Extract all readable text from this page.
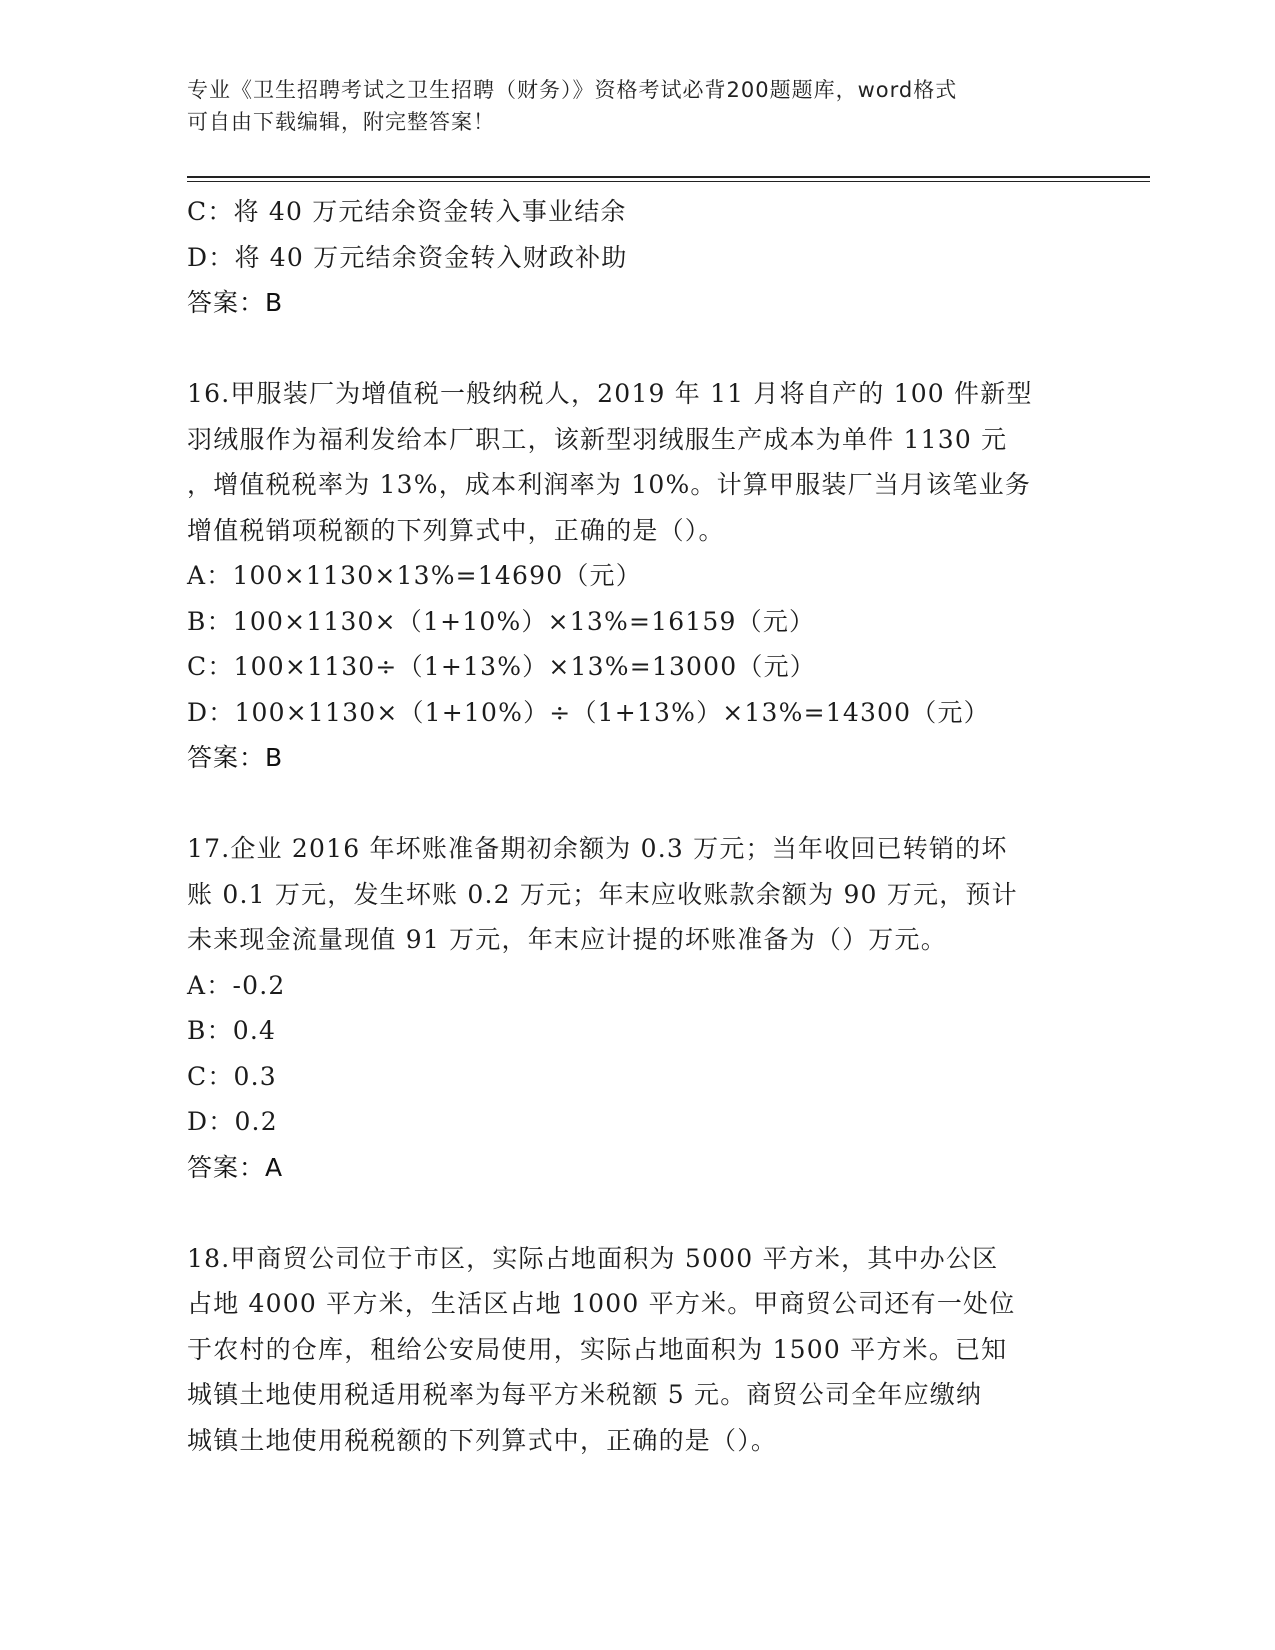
专业《卫生招聘考试之卫生招聘（财务）》资格考试必背200题题库，word格式
可自由下载编辑，附完整答案！
C：将 40 万元结余资金转入事业结余
D：将 40 万元结余资金转入财政补助
答案：B
16.甲服装厂为增值税一般纳税人，2019 年 11 月将自产的 100 件新型
羽绒服作为福利发给本厂职工，该新型羽绒服生产成本为单件 1130 元
，增值税税率为 13%，成本利润率为 10%。计算甲服装厂当月该笔业务
增值税销项税额的下列算式中，正确的是（）。
A：100×1130×13%=14690（元）
B：100×1130×（1+10%）×13%=16159（元）
C：100×1130÷（1+13%）×13%=13000（元）
D：100×1130×（1+10%）÷（1+13%）×13%=14300（元）
答案：B
17.企业 2016 年坏账准备期初余额为 0.3 万元；当年收回已转销的坏
账 0.1 万元，发生坏账 0.2 万元；年末应收账款余额为 90 万元，预计
未来现金流量现值 91 万元，年末应计提的坏账准备为（）万元。
A：-0.2
B：0.4
C：0.3
D：0.2
答案：A
18.甲商贸公司位于市区，实际占地面积为 5000 平方米，其中办公区
占地 4000 平方米，生活区占地 1000 平方米。甲商贸公司还有一处位
于农村的仓库，租给公安局使用，实际占地面积为 1500 平方米。已知
城镇土地使用税适用税率为每平方米税额 5 元。商贸公司全年应缴纳
城镇土地使用税税额的下列算式中，正确的是（）。
